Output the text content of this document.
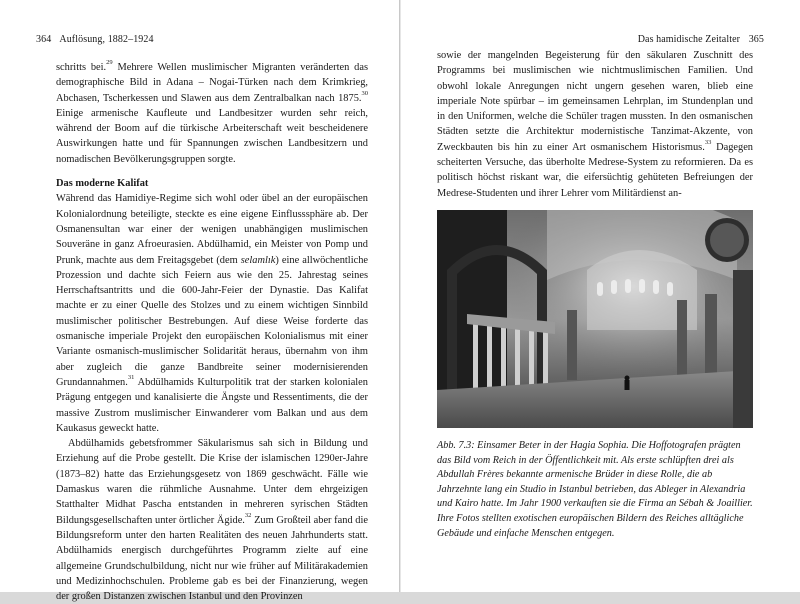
364 Auflösung, 1882–1924

schritts bei.$^{29}$ Mehrere Wellen muslimischer Migranten veränderten das demographische Bild in Adana – Nogai-Türken nach dem Krimkrieg, Abchasen, Tscherkessen und Slawen aus dem Zentralbalkan nach 1875.30 Einige armenische Kaufleute und Landbesitzer wurden sehr reich, während der Boom auf die türkische Arbeiterschaft weit bescheidenere Auswirkungen hatte und für Spannungen zwischen Landbesitzern und nomadischen Bevölkerungsgruppen sorgte.

Das moderne Kalifat

Während das Hamidiye-Regime sich wohl oder übel an der europäischen Kolonialordnung beteiligte, steckte es eine eigene Einflusssphäre ab. Der Osmanensultan war einer der wenigen unabhängigen muslimischen Souveräne in ganz Afroeurasien. Abdülhamid, ein Meister von Pomp und Prunk, machte aus dem Freitagsgebet (dem selamlık) eine allwöchentliche Prozession und dachte sich Feiern aus wie den 25. Jahrestag seines Herrschaftsantritts und die 600-Jahr-Feier der Dynastie. Das Kalifat machte er zu einer Quelle des Stolzes und zu einem wichtigen Sinnbild muslimischer politischer Bestrebungen. Auf diese Weise forderte das osmanische imperiale Projekt den europäischen Kolonialismus mit einer Variante osmanisch-muslimischer Solidarität heraus, übernahm von ihm aber zugleich die ganze Bandbreite seiner modernisierenden Grundannahmen.$^{31}$ Abdülhamids Kulturpolitik trat der starken kolonialen Prägung entgegen und kanalisierte die Ängste und Ressentiments, die der massive Zustrom muslimischer Einwanderer vom Balkan und aus dem Kaukasus geweckt hatte.

Abdülhamids gebetsfrommer Säkularismus sah sich in Bildung und Erziehung auf die Probe gestellt. Die Krise der islamischen 1290er-Jahre (1873–82) hatte das Erziehungsgesetz von 1869 geschwächt. Fälle wie Damaskus waren die rühmliche Ausnahme. Unter dem ehrgeizigen Statthalter Midhat Pascha entstanden in mehreren syrischen Städten Bildungsgesellschaften unter örtlicher Ägide.$^{32}$ Zum Großteil aber fand die Bildungsreform unter den harten Realitäten des neuen Jahrhunderts statt. Abdülhamids energisch durchgeführtes Programm zielte auf eine allgemeine Grundschulbildung, nicht nur wie früher auf Militärakademien und Medizinhochschulen. Probleme gab es bei der Finanzierung, wegen der großen Distanzen zwischen Istanbul und den Provinzen

Das hamidische Zeitalter 365

sowie der mangelnden Begeisterung für den säkularen Zuschnitt des Programms bei muslimischen wie nichtmuslimischen Familien. Und obwohl lokale Anregungen nicht ungern gesehen waren, blieb eine imperiale Note spürbar – im gemeinsamen Lehrplan, im Stundenplan und in den Uniformen, welche die Schüler tragen mussten. In den osmanischen Städten setzte die Architektur modernistische Tanzimat-Akzente, von Zweckbauten bis hin zu einer Art osmanischem Historismus.$^{33}$ Dagegen scheiterten Versuche, das überholte Medrese-System zu reformieren. Da es politisch höchst riskant war, die eifersüchtig gehüteten Befreiungen der Medrese-Studenten und ihrer Lehrer vom Militärdienst an-

Abb. 7.3: Einsamer Beter in der Hagia Sophia. Die Hoffotografen prägten das Bild vom Reich in der Öffentlichkeit mit. Als erste schlüpften drei als Abdullah Frères bekannte armenische Brüder in diese Rolle, die ab Jahrzehnte lang ein Studio in Istanbul betrieben, das Ableger in Alexandria und Kairo hatte. Im Jahr 1900 verkauften sie die Firma an Sébah & Joaillier. Ihre Fotos stellten exotischen europäischen Bildern des Reiches alltägliche Gebäude und einfache Menschen entgegen.
